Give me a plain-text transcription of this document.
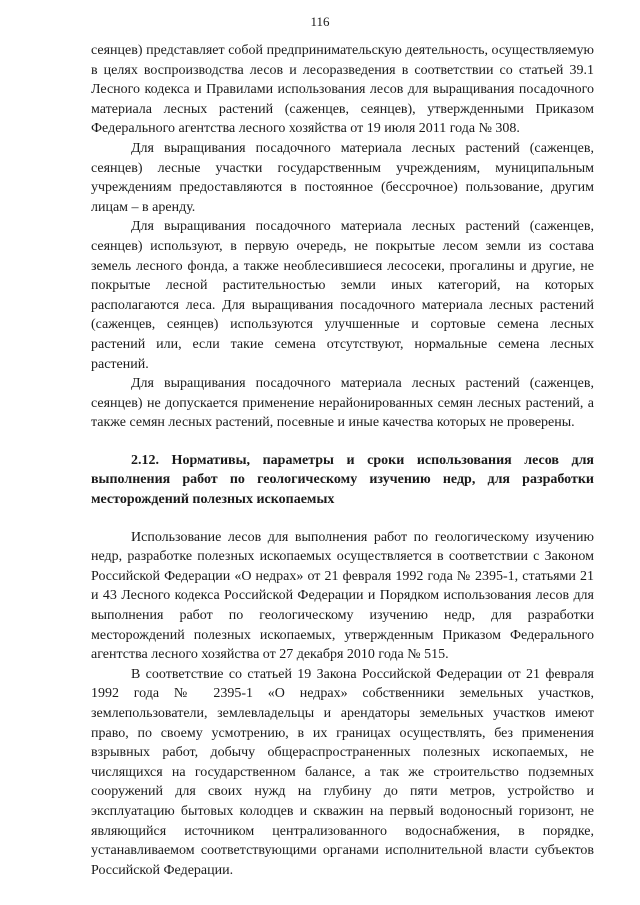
116

сеянцев) представляет собой предпринимательскую деятельность, осуществляемую в целях воспроизводства лесов и лесоразведения в соответствии со статьей 39.1 Лесного кодекса и Правилами использования лесов для выращивания посадочного материала лесных растений (саженцев, сеянцев), утвержденными Приказом Федерального агентства лесного хозяйства от 19 июля 2011 года № 308.

Для выращивания посадочного материала лесных растений (саженцев, сеянцев) лесные участки государственным учреждениям, муниципальным учреждениям предоставляются в постоянное (бессрочное) пользование, другим лицам – в аренду.

Для выращивания посадочного материала лесных растений (саженцев, сеянцев) используют, в первую очередь, не покрытые лесом земли из состава земель лесного фонда, а также необлесившиеся лесосеки, прогалины и другие, не покрытые лесной растительностью земли иных категорий, на которых располагаются леса. Для выращивания посадочного материала лесных растений (саженцев, сеянцев) используются улучшенные и сортовые семена лесных растений или, если такие семена отсутствуют, нормальные семена лесных растений.

Для выращивания посадочного материала лесных растений (саженцев, сеянцев) не допускается применение нерайонированных семян лесных растений, а также семян лесных растений, посевные и иные качества которых не проверены.

2.12. Нормативы, параметры и сроки использования лесов для выполнения работ по геологическому изучению недр, для разработки месторождений полезных ископаемых

Использование лесов для выполнения работ по геологическому изучению недр, разработке полезных ископаемых осуществляется в соответствии с Законом Российской Федерации «О недрах» от 21 февраля 1992 года № 2395-1, статьями 21 и 43 Лесного кодекса Российской Федерации и Порядком использования лесов для выполнения работ по геологическому изучению недр, для разработки месторождений полезных ископаемых, утвержденным Приказом Федерального агентства лесного хозяйства от 27 декабря 2010 года № 515.

В соответствие со статьей 19 Закона Российской Федерации от 21 февраля 1992 года № 2395-1 «О недрах» собственники земельных участков, землепользователи, землевладельцы и арендаторы земельных участков имеют право, по своему усмотрению, в их границах осуществлять, без применения взрывных работ, добычу общераспространенных полезных ископаемых, не числящихся на государственном балансе, а так же строительство подземных сооружений для своих нужд на глубину до пяти метров, устройство и эксплуатацию бытовых колодцев и скважин на первый водоносный горизонт, не являющийся источником централизованного водоснабжения, в порядке, устанавливаемом соответствующими органами исполнительной власти субъектов Российской Федерации.
